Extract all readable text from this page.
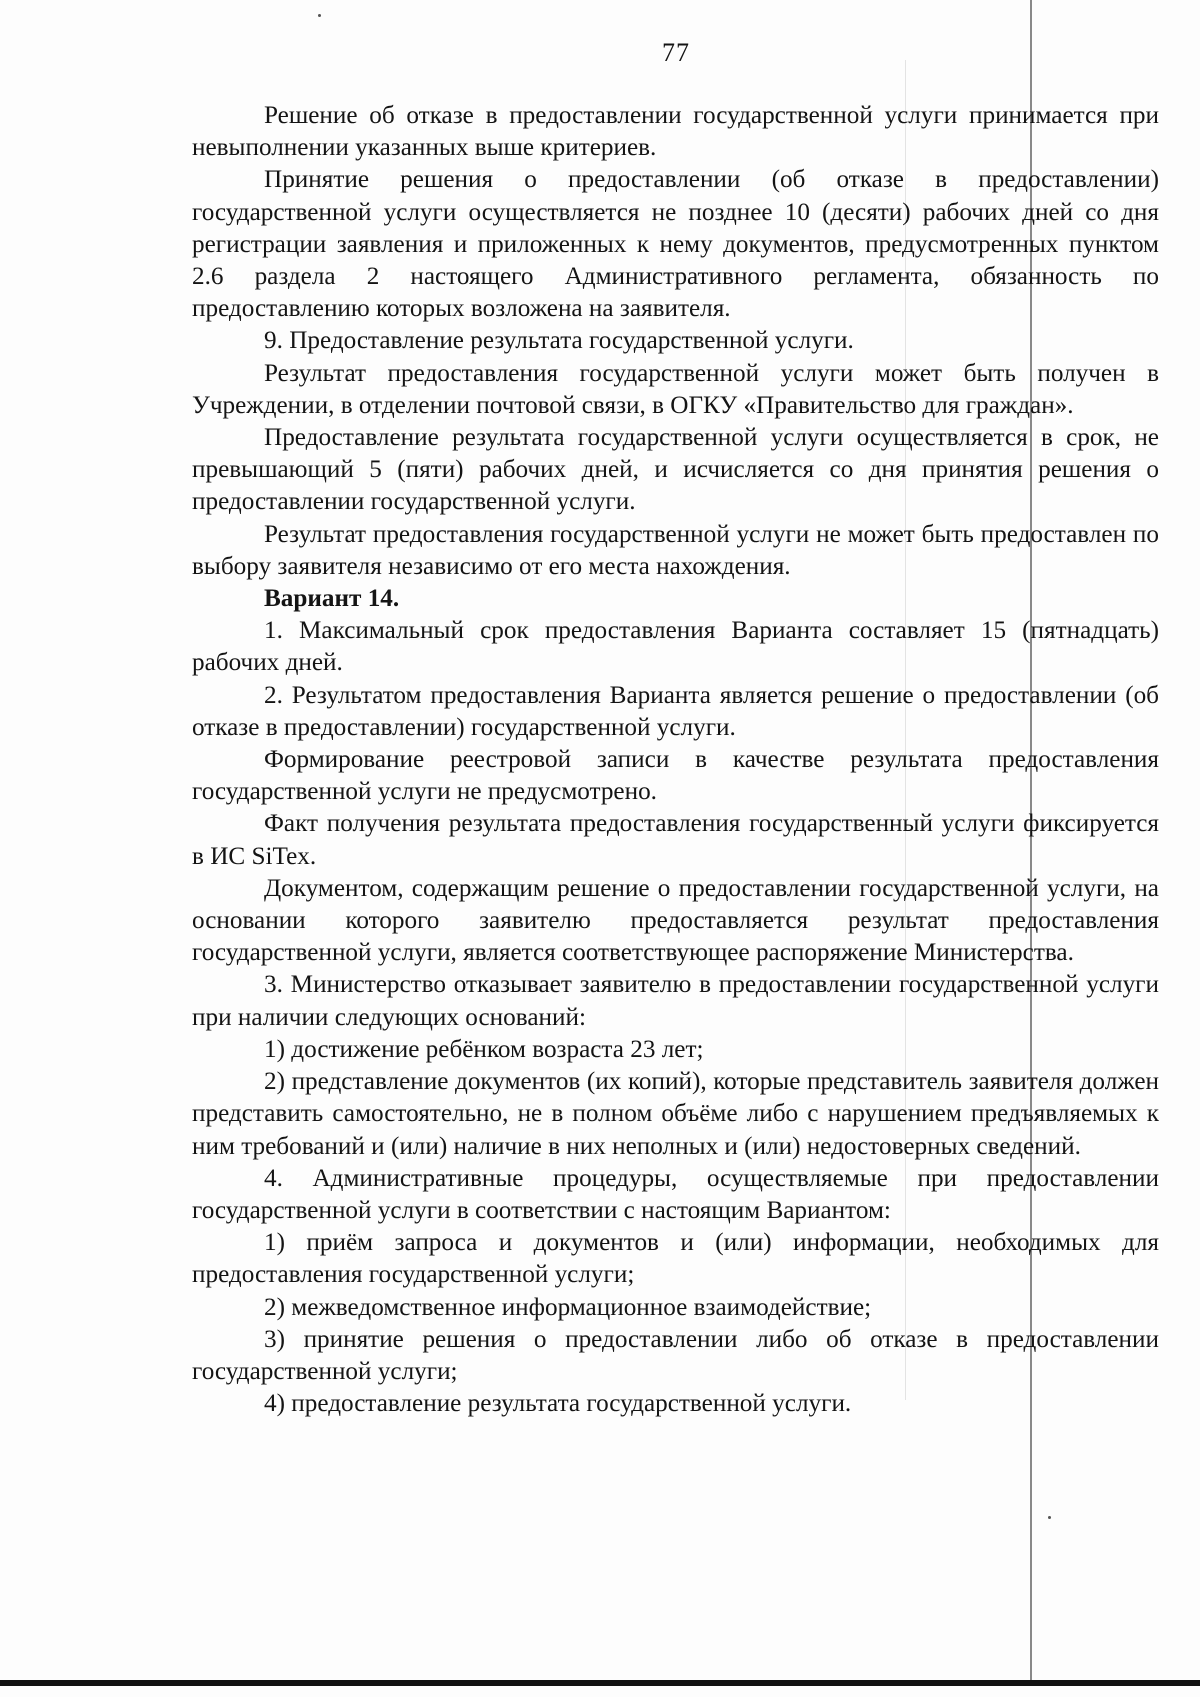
77

Решение об отказе в предоставлении государственной услуги принимается при невыполнении указанных выше критериев.

Принятие решения о предоставлении (об отказе в предоставлении) государственной услуги осуществляется не позднее 10 (десяти) рабочих дней со дня регистрации заявления и приложенных к нему документов, предусмотренных пунктом 2.6 раздела 2 настоящего Административного регламента, обязанность по предоставлению которых возложена на заявителя.

9. Предоставление результата государственной услуги.

Результат предоставления государственной услуги может быть получен в Учреждении, в отделении почтовой связи, в ОГКУ «Правительство для граждан».

Предоставление результата государственной услуги осуществляется в срок, не превышающий 5 (пяти) рабочих дней, и исчисляется со дня принятия решения о предоставлении государственной услуги.

Результат предоставления государственной услуги не может быть предоставлен по выбору заявителя независимо от его места нахождения.

Вариант 14.

1. Максимальный срок предоставления Варианта составляет 15 (пятнадцать) рабочих дней.

2. Результатом предоставления Варианта является решение о предоставлении (об отказе в предоставлении) государственной услуги.

Формирование реестровой записи в качестве результата предоставления государственной услуги не предусмотрено.

Факт получения результата предоставления государственный услуги фиксируется в ИС SiTex.

Документом, содержащим решение о предоставлении государственной услуги, на основании которого заявителю предоставляется результат предоставления государственной услуги, является соответствующее распоряжение Министерства.

3. Министерство отказывает заявителю в предоставлении государственной услуги при наличии следующих оснований:

1) достижение ребёнком возраста 23 лет;

2) представление документов (их копий), которые представитель заявителя должен представить самостоятельно, не в полном объёме либо с нарушением предъявляемых к ним требований и (или) наличие в них неполных и (или) недостоверных сведений.

4. Административные процедуры, осуществляемые при предоставлении государственной услуги в соответствии с настоящим Вариантом:

1) приём запроса и документов и (или) информации, необходимых для предоставления государственной услуги;

2) межведомственное информационное взаимодействие;

3) принятие решения о предоставлении либо об отказе в предоставлении государственной услуги;

4) предоставление результата государственной услуги.
